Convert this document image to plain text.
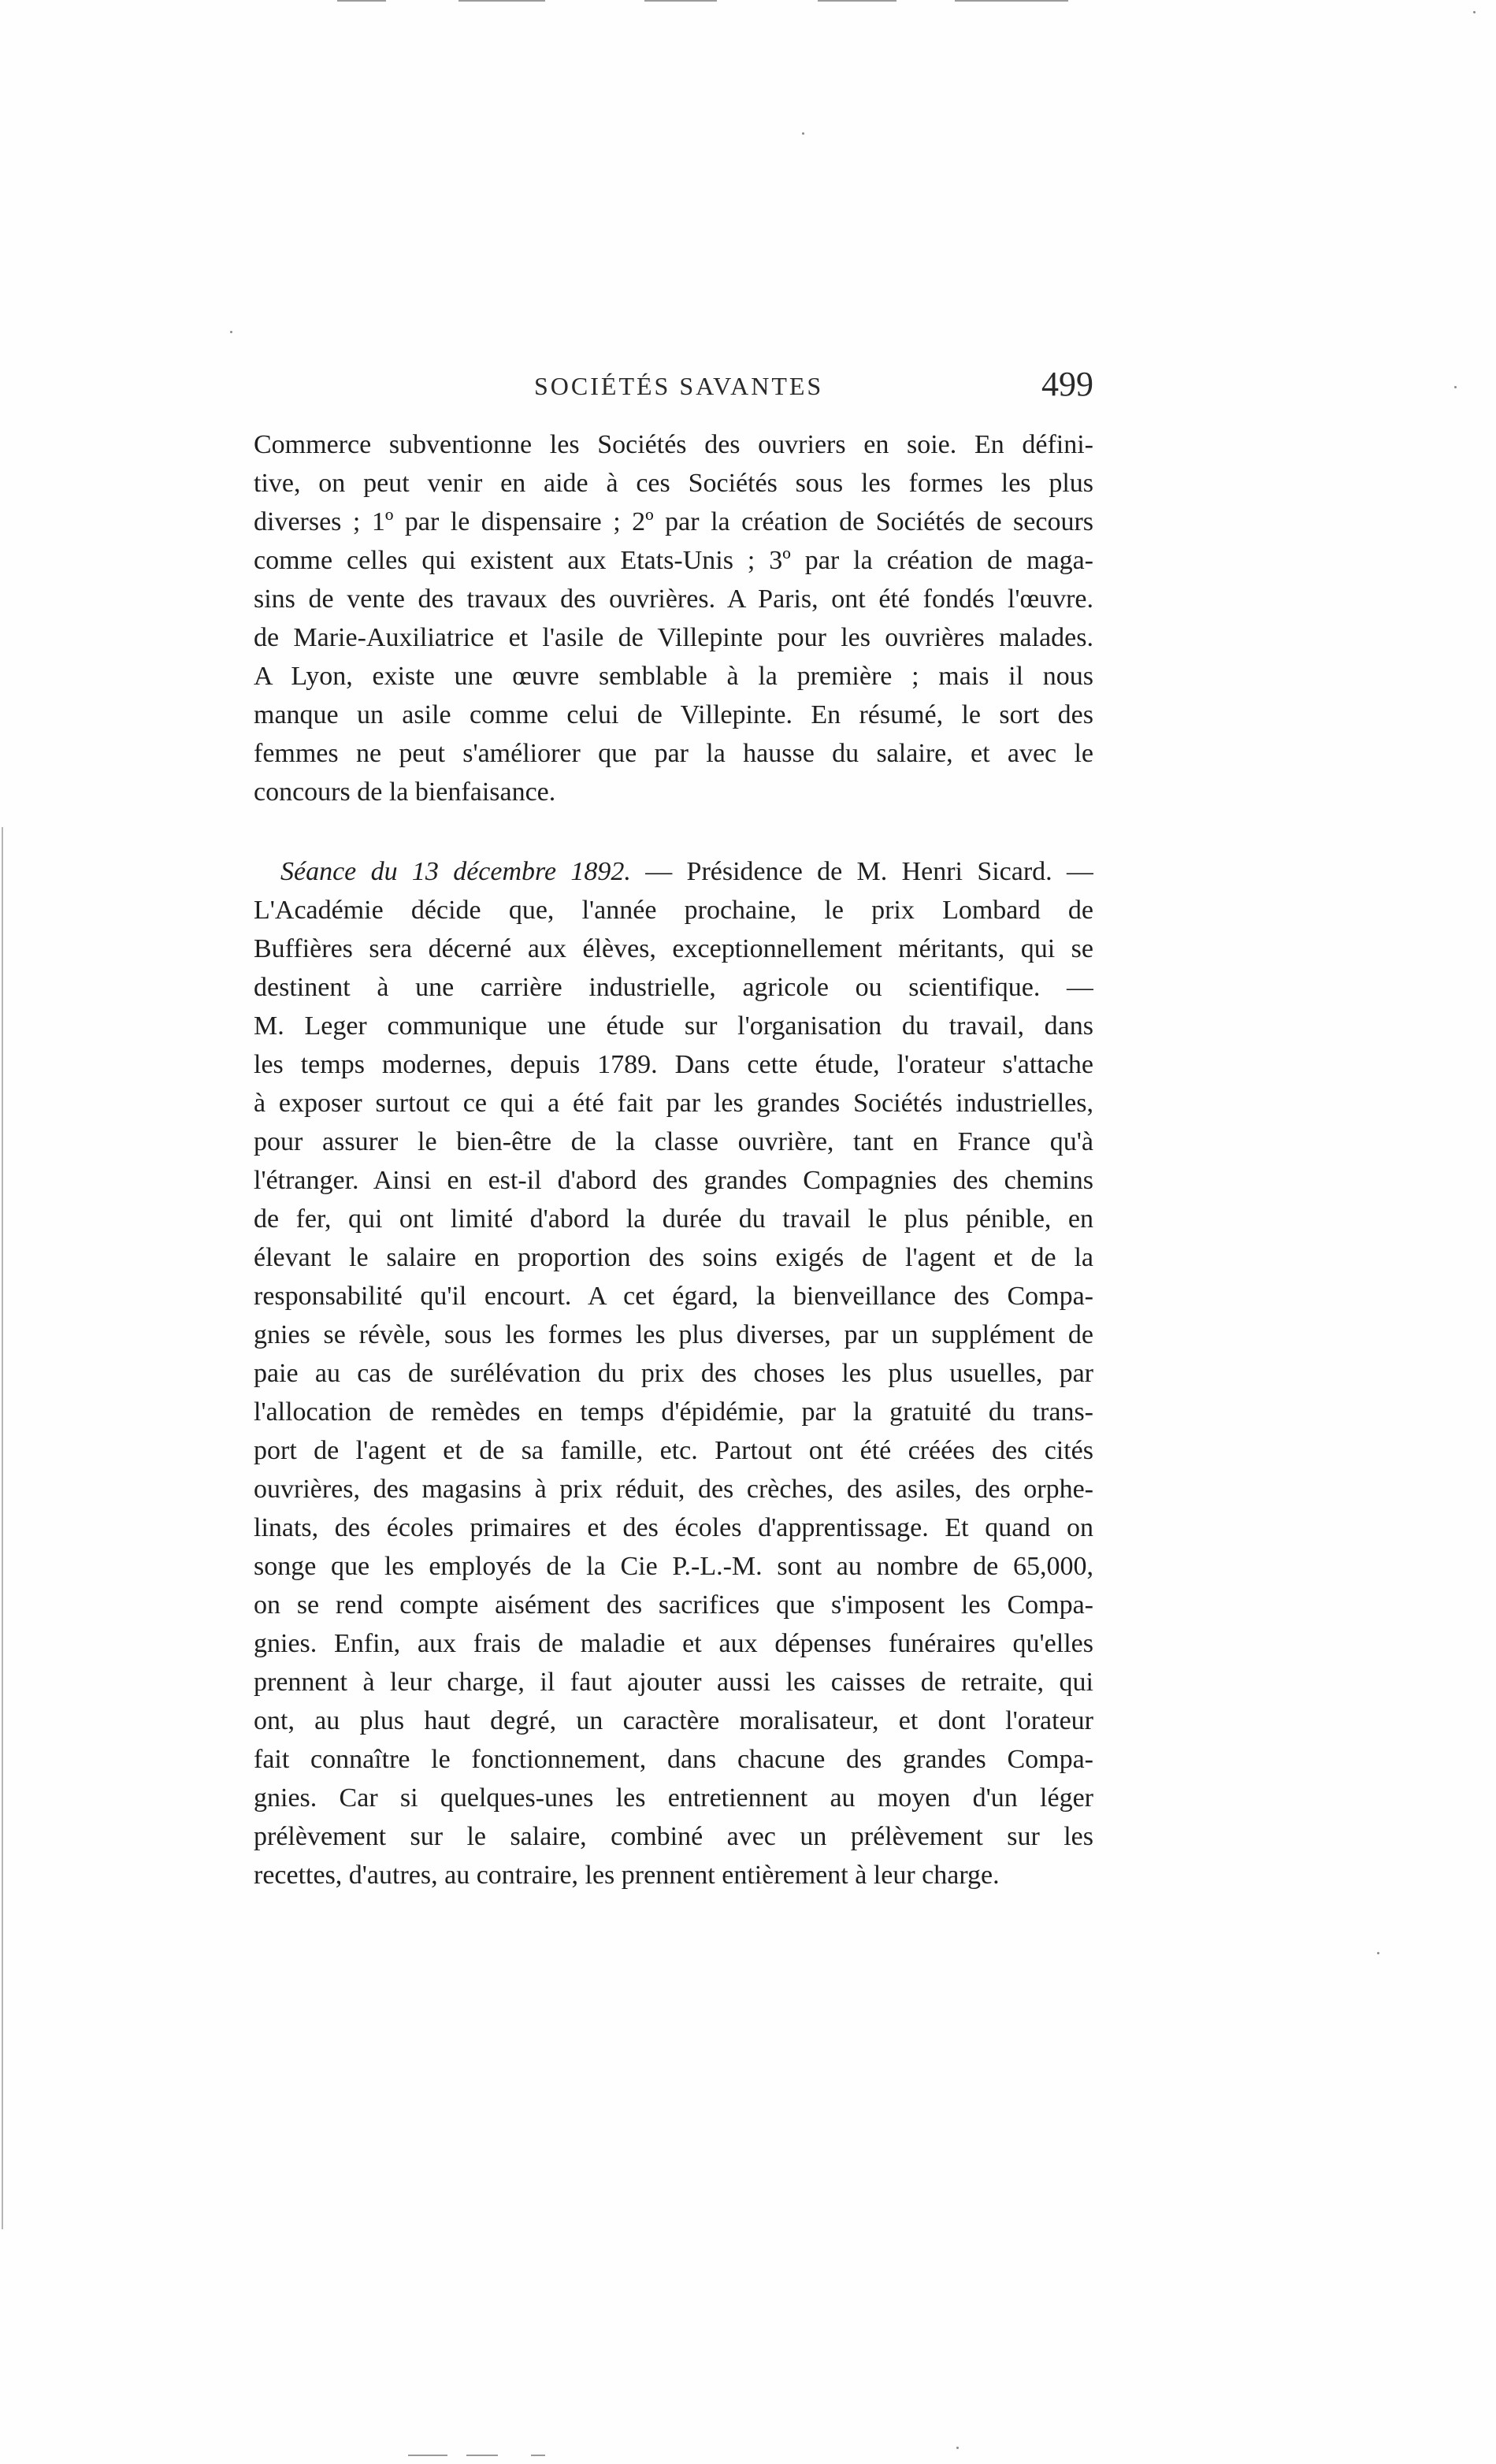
SOCIÉTÉS SAVANTES	499
Commerce subventionne les Sociétés des ouvriers en soie. En défini-
tive, on peut venir en aide à ces Sociétés sous les formes les plus
diverses ; 1º par le dispensaire ; 2º par la création de Sociétés de secours
comme celles qui existent aux Etats-Unis ; 3º par la création de maga-
sins de vente des travaux des ouvrières. A Paris, ont été fondés l'œuvre.
de Marie-Auxiliatrice et l'asile de Villepinte pour les ouvrières malades.
A Lyon, existe une œuvre semblable à la première ; mais il nous
manque un asile comme celui de Villepinte. En résumé, le sort des
femmes ne peut s'améliorer que par la hausse du salaire, et avec le
concours de la bienfaisance.
Séance du 13 décembre 1892. — Présidence de M. Henri Sicard. —
L'Académie décide que, l'année prochaine, le prix Lombard de
Buffières sera décerné aux élèves, exceptionnellement méritants, qui se
destinent à une carrière industrielle, agricole ou scientifique. —
M. Leger communique une étude sur l'organisation du travail, dans
les temps modernes, depuis 1789. Dans cette étude, l'orateur s'attache
à exposer surtout ce qui a été fait par les grandes Sociétés industrielles,
pour assurer le bien-être de la classe ouvrière, tant en France qu'à
l'étranger. Ainsi en est-il d'abord des grandes Compagnies des chemins
de fer, qui ont limité d'abord la durée du travail le plus pénible, en
élevant le salaire en proportion des soins exigés de l'agent et de la
responsabilité qu'il encourt. A cet égard, la bienveillance des Compa-
gnies se révèle, sous les formes les plus diverses, par un supplément de
paie au cas de surélévation du prix des choses les plus usuelles, par
l'allocation de remèdes en temps d'épidémie, par la gratuité du trans-
port de l'agent et de sa famille, etc. Partout ont été créées des cités
ouvrières, des magasins à prix réduit, des crèches, des asiles, des orphe-
linats, des écoles primaires et des écoles d'apprentissage. Et quand on
songe que les employés de la Cie P.-L.-M. sont au nombre de 65,000,
on se rend compte aisément des sacrifices que s'imposent les Compa-
gnies. Enfin, aux frais de maladie et aux dépenses funéraires qu'elles
prennent à leur charge, il faut ajouter aussi les caisses de retraite, qui
ont, au plus haut degré, un caractère moralisateur, et dont l'orateur
fait connaître le fonctionnement, dans chacune des grandes Compa-
gnies. Car si quelques-unes les entretiennent au moyen d'un léger
prélèvement sur le salaire, combiné avec un prélèvement sur les
recettes, d'autres, au contraire, les prennent entièrement à leur charge.
